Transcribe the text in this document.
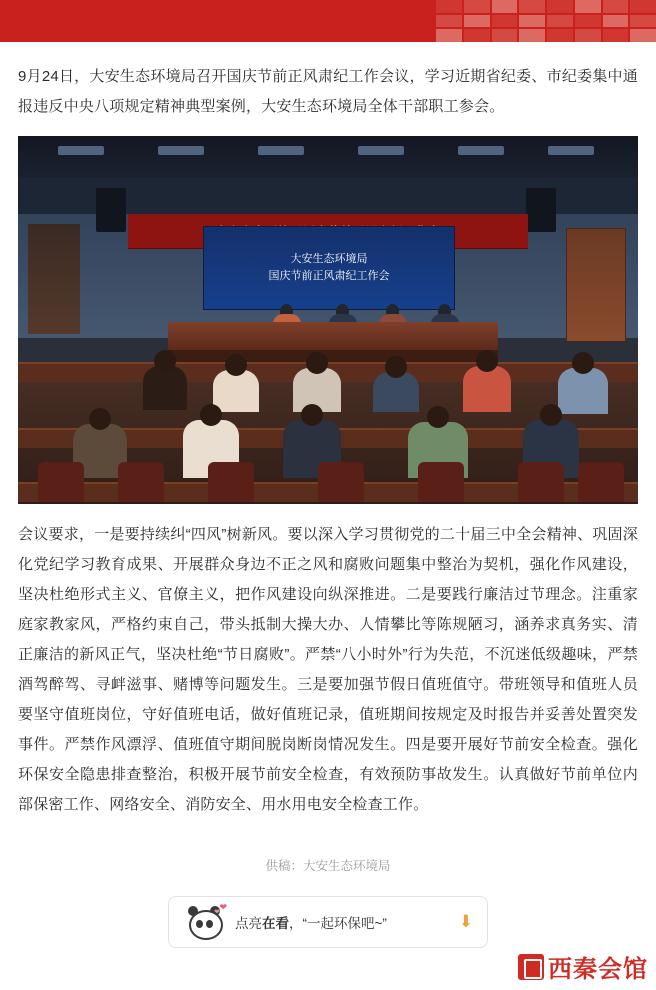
9月24日，大安生态环境局召开国庆节前正风肃纪工作会议，学习近期省纪委、市纪委集中通报违反中央八项规定精神典型案例，大安生态环境局全体干部职工参会。

大安生态环境局
国庆节前正风肃纪工作会

会议要求，一是要持续纠“四风”树新风。要以深入学习贯彻党的二十届三中全会精神、巩固深化党纪学习教育成果、开展群众身边不正之风和腐败问题集中整治为契机，强化作风建设，坚决杜绝形式主义、官僚主义，把作风建设向纵深推进。二是要践行廉洁过节理念。注重家庭家教家风，严格约束自己，带头抵制大操大办、人情攀比等陈规陋习，涵养求真务实、清正廉洁的新风正气，坚决杜绝“节日腐败”。严禁“八小时外”行为失范，不沉迷低级趣味，严禁酒驾醉驾、寻衅滋事、赌博等问题发生。三是要加强节假日值班值守。带班领导和值班人员要坚守值班岗位，守好值班电话，做好值班记录，值班期间按规定及时报告并妥善处置突发事件。严禁作风漂浮、值班值守期间脱岗断岗情况发生。四是要开展好节前安全检查。强化环保安全隐患排查整治，积极开展节前安全检查，有效预防事故发生。认真做好节前单位内部保密工作、网络安全、消防安全、用水用电安全检查工作。

供稿：大安生态环境局
❤
❤
点亮在看，“一起环保吧~”	⬇
西秦会馆
